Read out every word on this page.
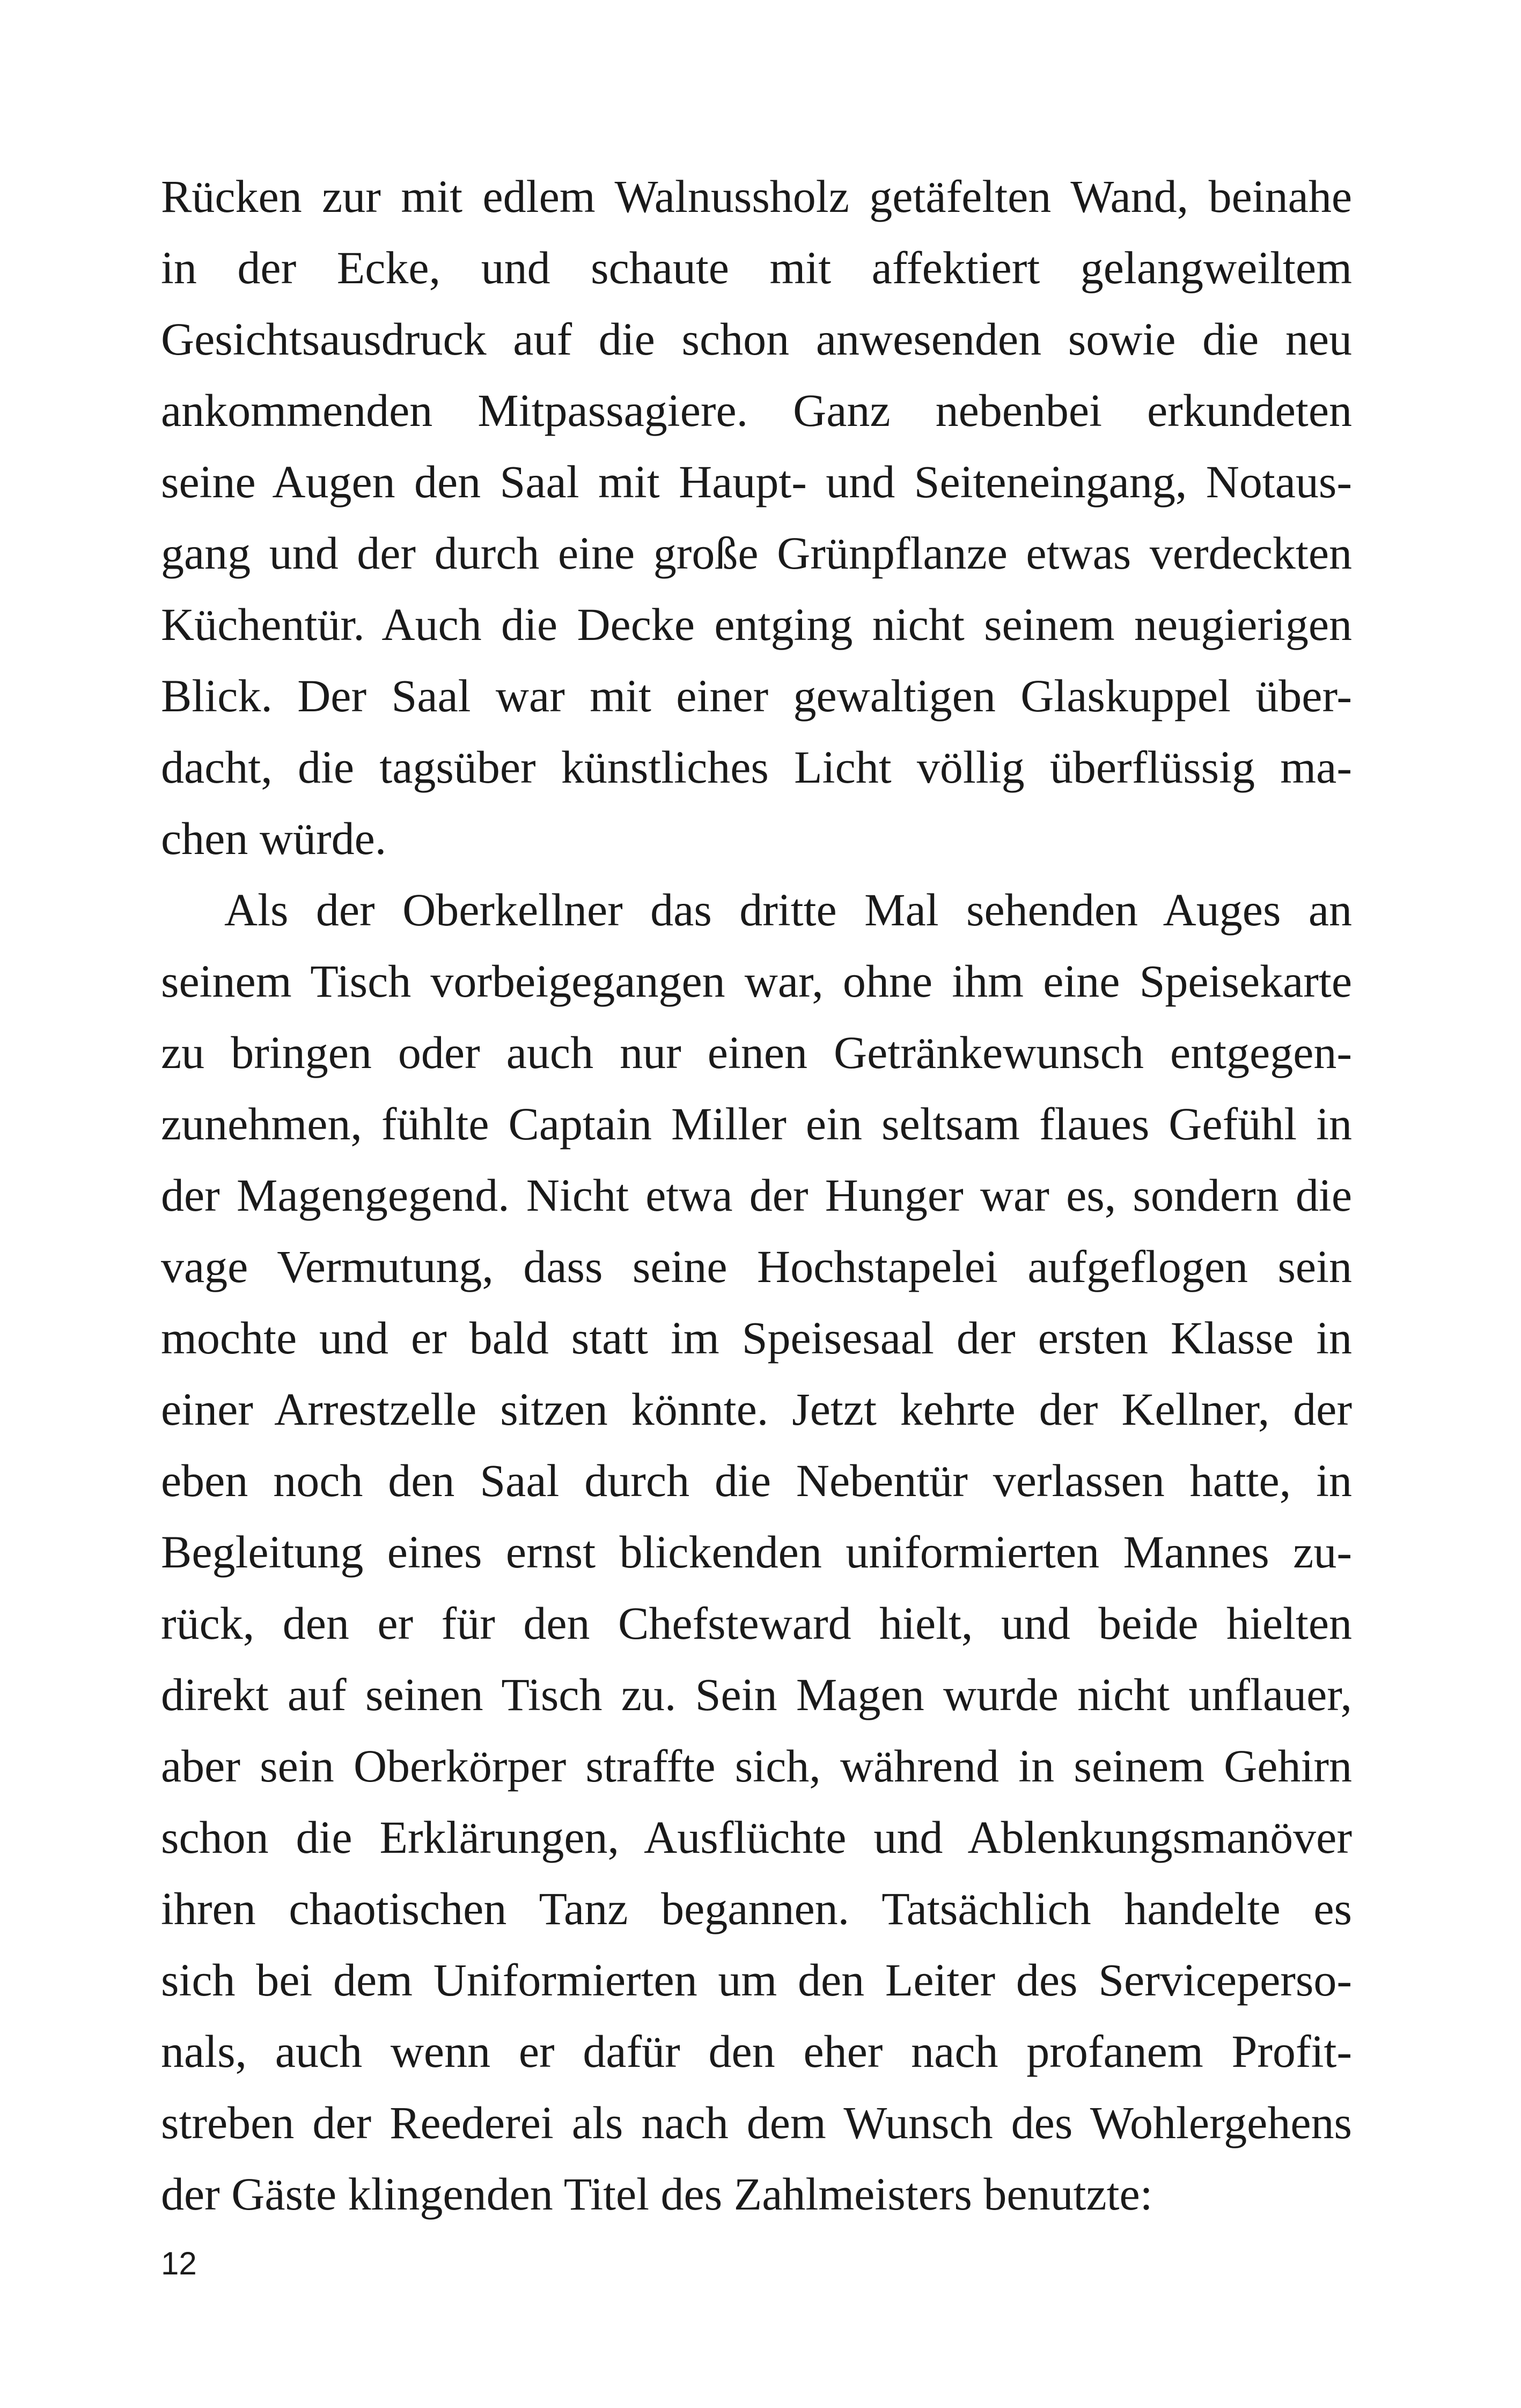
Rücken zur mit edlem Walnussholz getäfelten Wand, beinahe
in der Ecke, und schaute mit affektiert gelangweiltem
Gesichtsausdruck auf die schon anwesenden sowie die neu
ankommenden Mitpassagiere. Ganz nebenbei erkundeten
seine Augen den Saal mit Haupt- und Seiteneingang, Notaus-
gang und der durch eine große Grünpflanze etwas verdeckten
Küchentür. Auch die Decke entging nicht seinem neugierigen
Blick. Der Saal war mit einer gewaltigen Glaskuppel über-
dacht, die tagsüber künstliches Licht völlig überflüssig ma-
chen würde.
Als der Oberkellner das dritte Mal sehenden Auges an
seinem Tisch vorbeigegangen war, ohne ihm eine Speisekarte
zu bringen oder auch nur einen Getränkewunsch entgegen-
zunehmen, fühlte Captain Miller ein seltsam flaues Gefühl in
der Magengegend. Nicht etwa der Hunger war es, sondern die
vage Vermutung, dass seine Hochstapelei aufgeflogen sein
mochte und er bald statt im Speisesaal der ersten Klasse in
einer Arrestzelle sitzen könnte. Jetzt kehrte der Kellner, der
eben noch den Saal durch die Nebentür verlassen hatte, in
Begleitung eines ernst blickenden uniformierten Mannes zu-
rück, den er für den Chefsteward hielt, und beide hielten
direkt auf seinen Tisch zu. Sein Magen wurde nicht unflauer,
aber sein Oberkörper straffte sich, während in seinem Gehirn
schon die Erklärungen, Ausflüchte und Ablenkungsmanöver
ihren chaotischen Tanz begannen. Tatsächlich handelte es
sich bei dem Uniformierten um den Leiter des Serviceperso-
nals, auch wenn er dafür den eher nach profanem Profit-
streben der Reederei als nach dem Wunsch des Wohlergehens
der Gäste klingenden Titel des Zahlmeisters benutzte:
12
